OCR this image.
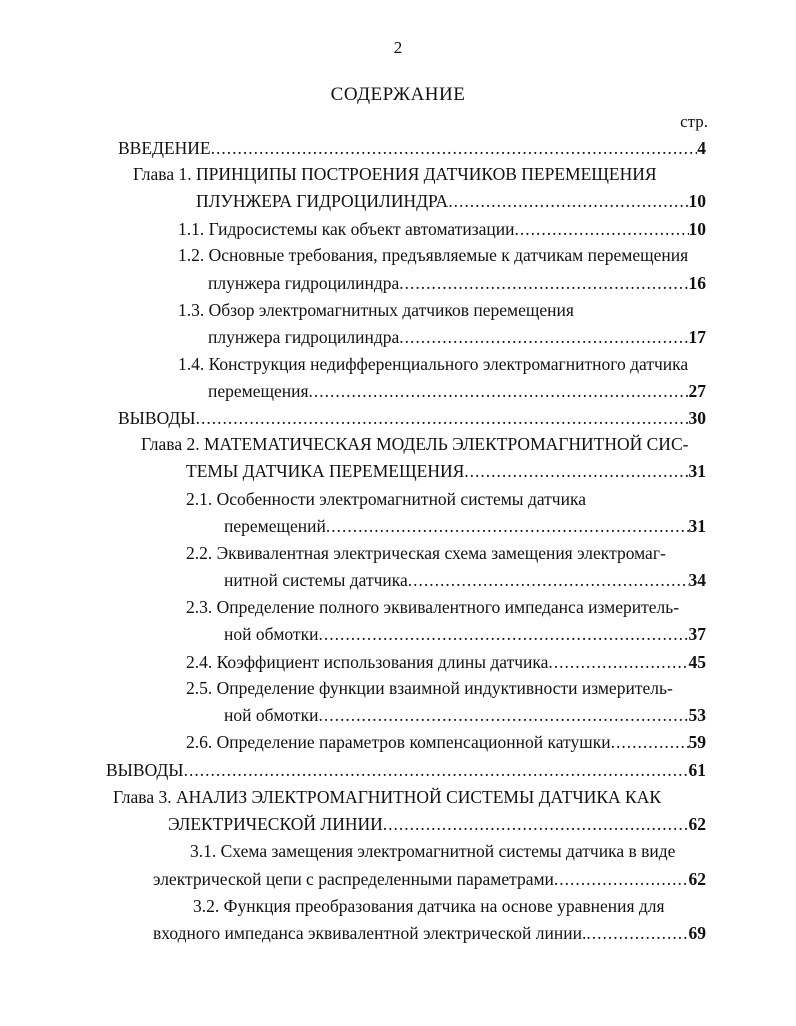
2
СОДЕРЖАНИЕ
стр.
ВВЕДЕНИЕ .....	4
Глава 1. ПРИНЦИПЫ ПОСТРОЕНИЯ ДАТЧИКОВ ПЕРЕМЕЩЕНИЯ
ПЛУНЖЕРА ГИДРОЦИЛИНДРА .....	10
1.1. Гидросистемы как объект автоматизации .....	10
1.2. Основные требования, предъявляемые к датчикам перемещения
плунжера гидроцилиндра .....	16
1.3. Обзор электромагнитных датчиков перемещения
плунжера гидроцилиндра .....	17
1.4. Конструкция недифференциального электромагнитного датчика
перемещения .....	27
ВЫВОДЫ .....	30
Глава 2. МАТЕМАТИЧЕСКАЯ МОДЕЛЬ ЭЛЕКТРОМАГНИТНОЙ СИС-
ТЕМЫ ДАТЧИКА ПЕРЕМЕЩЕНИЯ .....	31
2.1. Особенности электромагнитной системы датчика
перемещений .....	31
2.2. Эквивалентная электрическая схема замещения электромаг-
нитной системы датчика .....	34
2.3. Определение полного эквивалентного импеданса измеритель-
ной обмотки .....	37
2.4. Коэффициент использования длины датчика .....	45
2.5. Определение функции взаимной индуктивности измеритель-
ной обмотки .....	53
2.6. Определение параметров компенсационной катушки .....	59
ВЫВОДЫ .....	61
Глава 3. АНАЛИЗ ЭЛЕКТРОМАГНИТНОЙ СИСТЕМЫ ДАТЧИКА КАК
ЭЛЕКТРИЧЕСКОЙ ЛИНИИ .....	62
3.1. Схема замещения электромагнитной системы датчика в виде
электрической цепи с распределенными параметрами .....	62
3.2. Функция преобразования датчика на основе уравнения для
входного импеданса эквивалентной электрической линии. .....	69
